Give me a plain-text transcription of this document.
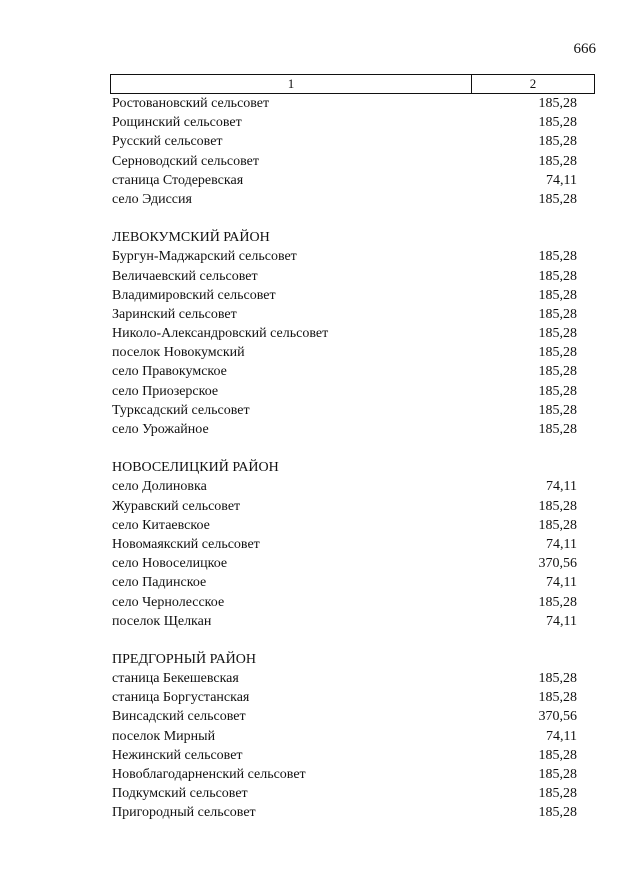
666
1	2
Ростовановский сельсовет	185,28
Рощинский сельсовет	185,28
Русский сельсовет	185,28
Серноводский сельсовет	185,28
станица Стодеревская	74,11
село Эдиссия	185,28
ЛЕВОКУМСКИЙ РАЙОН
Бургун-Маджарский сельсовет	185,28
Величаевский сельсовет	185,28
Владимировский сельсовет	185,28
Заринский сельсовет	185,28
Николо-Александровский сельсовет	185,28
поселок Новокумский	185,28
село Правокумское	185,28
село Приозерское	185,28
Турксадский сельсовет	185,28
село Урожайное	185,28
НОВОСЕЛИЦКИЙ РАЙОН
село Долиновка	74,11
Журавский сельсовет	185,28
село Китаевское	185,28
Новомаякский сельсовет	74,11
село Новоселицкое	370,56
село Падинское	74,11
село Чернолесское	185,28
поселок Щелкан	74,11
ПРЕДГОРНЫЙ РАЙОН
станица Бекешевская	185,28
станица Боргустанская	185,28
Винсадский сельсовет	370,56
поселок Мирный	74,11
Нежинский сельсовет	185,28
Новоблагодарненский сельсовет	185,28
Подкумский сельсовет	185,28
Пригородный сельсовет	185,28
